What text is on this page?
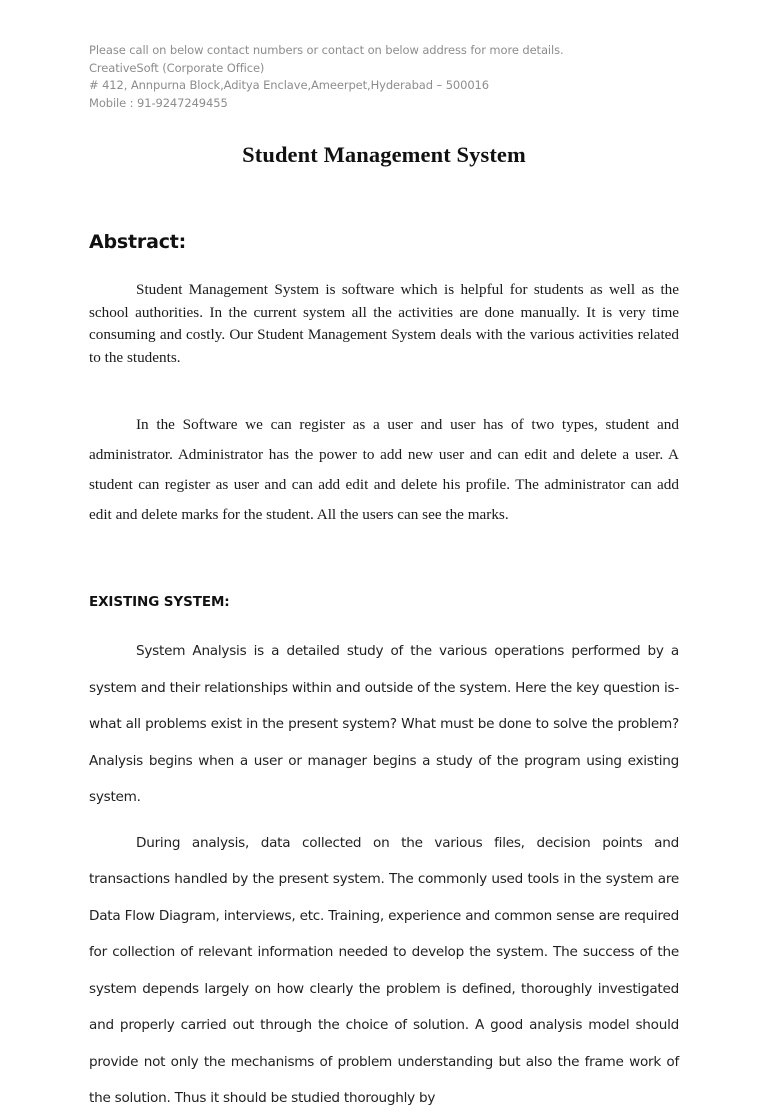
Please call on below contact numbers or contact on below address for more details.
CreativeSoft (Corporate Office)
# 412, Annpurna Block,Aditya Enclave,Ameerpet,Hyderabad – 500016
Mobile : 91-9247249455
Student Management System
Abstract:

Student Management System is software which is helpful for students as well as the school authorities. In the current system all the activities are done manually. It is very time consuming and costly. Our Student Management System deals with the various activities related to the students.

In the Software we can register as a user and user has of two types, student and administrator. Administrator has the power to add new user and can edit and delete a user. A student can register as user and can add edit and delete his profile. The administrator can add edit and delete marks for the student. All the users can see the marks.

EXISTING SYSTEM:

System Analysis is a detailed study of the various operations performed by a system and their relationships within and outside of the system. Here the key question is- what all problems exist in the present system? What must be done to solve the problem? Analysis begins when a user or manager begins a study of the program using existing system.

During analysis, data collected on the various files, decision points and transactions handled by the present system. The commonly used tools in the system are Data Flow Diagram, interviews, etc. Training, experience and common sense are required for collection of relevant information needed to develop the system. The success of the system depends largely on how clearly the problem is defined, thoroughly investigated and properly carried out through the choice of solution. A good analysis model should provide not only the mechanisms of problem understanding but also the frame work of the solution. Thus it should be studied thoroughly by
